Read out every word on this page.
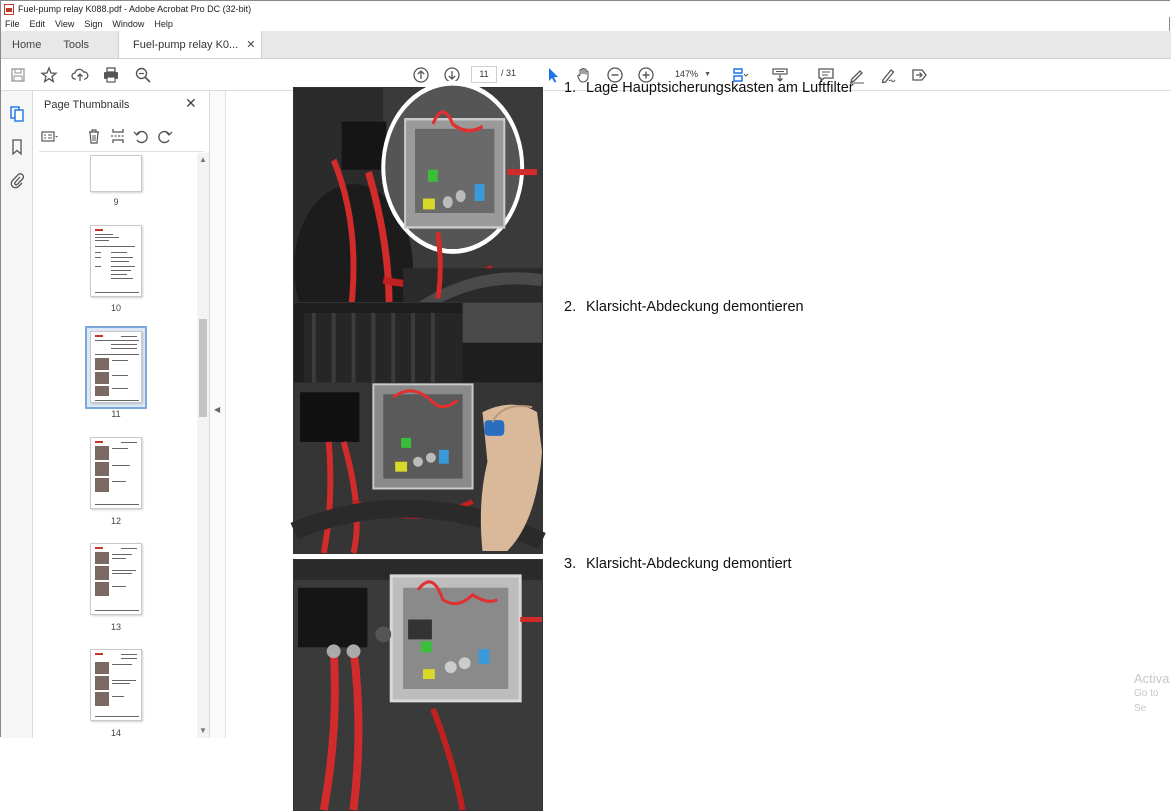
Fuel-pump relay K088.pdf - Adobe Acrobat Pro DC (32-bit)
File Edit View Sign Window Help
Home	Tools	Fuel-pump relay K0... ✕
11	/ 31	147% ▼
Page Thumbnails	✕
9
10
11
12
13
14
▲
▼
◀
1. Lage Hauptsicherungskasten am Luftfilter
2. Klarsicht-Abdeckung demontieren
3. Klarsicht-Abdeckung demontiert
Activa
Go to Se
